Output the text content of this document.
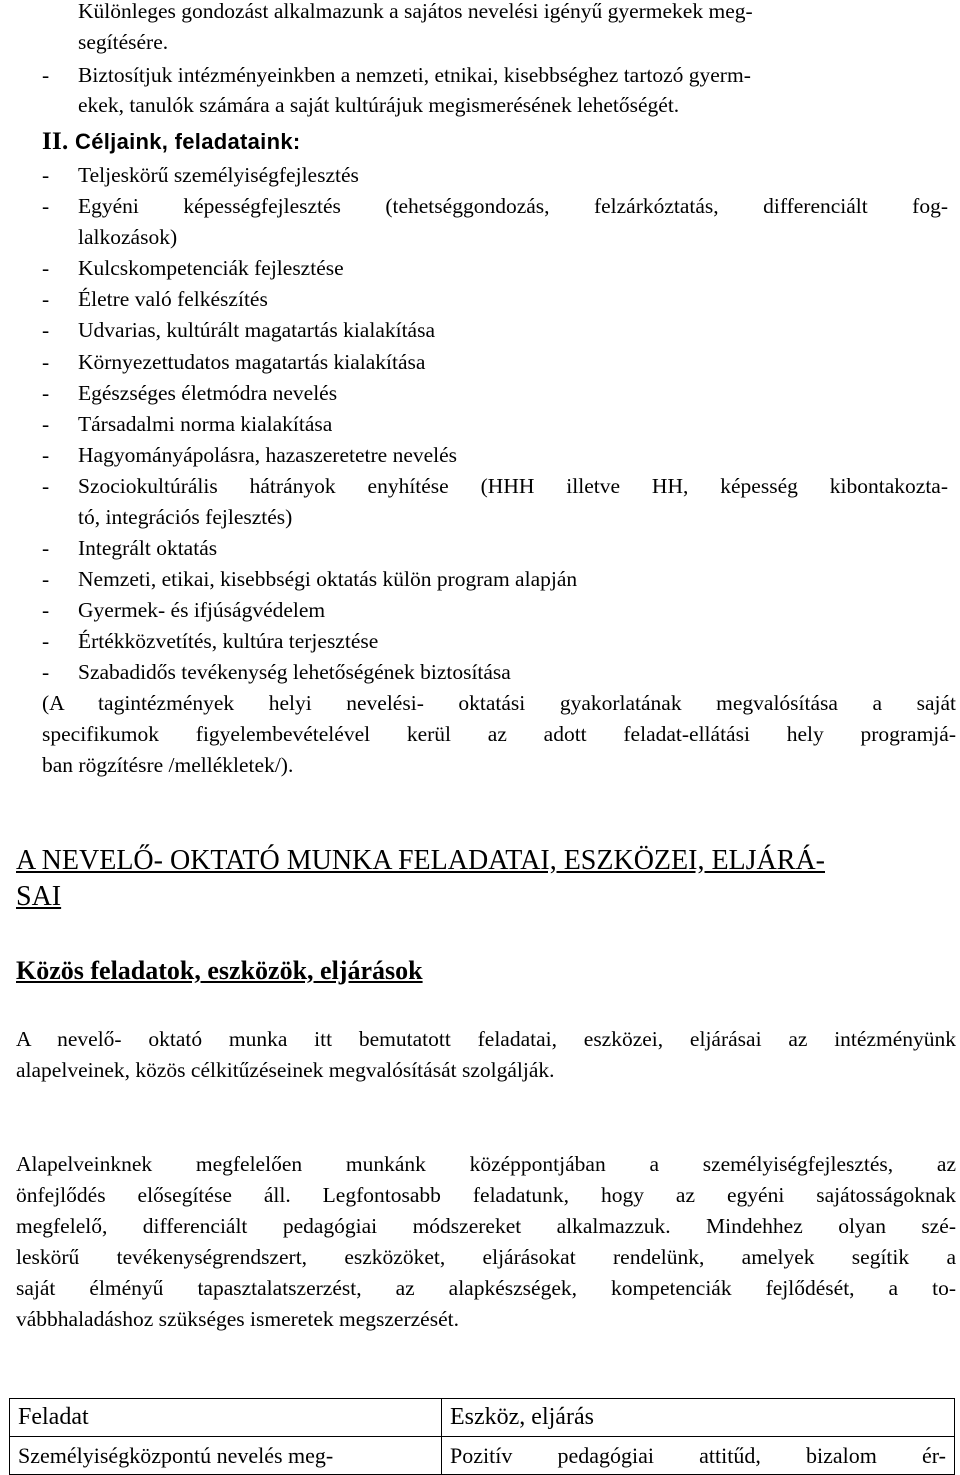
Különleges gondozást alkalmazunk a sajátos nevelési igényű gyermekek meg-
segítésére.
- Biztosítjuk intézményeinkben a nemzeti, etnikai, kisebbséghez tartozó gyerm-
ekek, tanulók számára a saját kultúrájuk megismerésének lehetőségét.
II. Céljaink, feladataink:
- Teljeskörű személyiségfejlesztés
- Egyéni képességfejlesztés (tehetséggondozás, felzárkóztatás, differenciált fog-
lalkozások)
- Kulcskompetenciák fejlesztése
- Életre való felkészítés
- Udvarias, kultúrált magatartás kialakítása
- Környezettudatos magatartás kialakítása
- Egészséges életmódra nevelés
- Társadalmi norma kialakítása
- Hagyományápolásra, hazaszeretetre nevelés
- Szociokultúrális hátrányok enyhítése (HHH illetve HH, képesség kibontakozta-
tó, integrációs fejlesztés)
- Integrált oktatás
- Nemzeti, etikai, kisebbségi oktatás külön program alapján
- Gyermek- és ifjúságvédelem
- Értékközvetítés, kultúra terjesztése
- Szabadidős tevékenység lehetőségének biztosítása
(A tagintézmények helyi nevelési- oktatási gyakorlatának megvalósítása a saját
specifikumok figyelembevételével kerül az adott feladat-ellátási hely programjá-
ban rögzítésre /mellékletek/).
A NEVELŐ- OKTATÓ MUNKA FELADATAI, ESZKÖZEI, ELJÁRÁ-
SAI
Közös feladatok, eszközök, eljárások
A nevelő- oktató munka itt bemutatott feladatai, eszközei, eljárásai az intézményünk
alapelveinek, közös célkitűzéseinek megvalósítását szolgálják.
Alapelveinknek megfelelően munkánk középpontjában a személyiségfejlesztés, az
önfejlődés elősegítése áll. Legfontosabb feladatunk, hogy az egyéni sajátosságoknak
megfelelő, differenciált pedagógiai módszereket alkalmazzuk. Mindehhez olyan szé-
leskörű tevékenységrendszert, eszközöket, eljárásokat rendelünk, amelyek segítik a
saját élményű tapasztalatszerzést, az alapkészségek, kompetenciák fejlődését, a to-
vábbhaladáshoz szükséges ismeretek megszerzését.
Feladat	Eszköz, eljárás
Személyiségközpontú nevelés meg-	Pozitív pedagógiai attitűd, bizalom ér-
